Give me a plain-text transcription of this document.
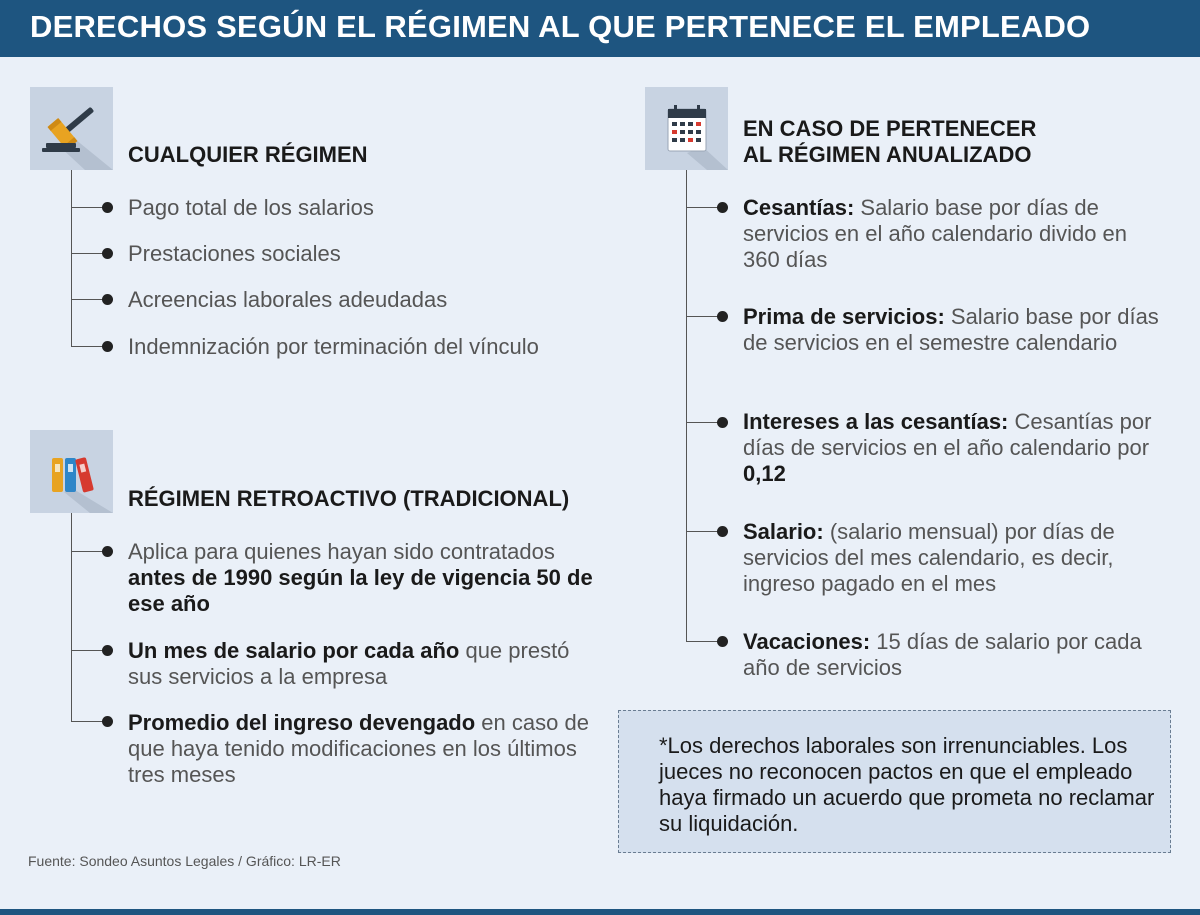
DERECHOS SEGÚN EL RÉGIMEN AL QUE PERTENECE EL EMPLEADO
CUALQUIER RÉGIMEN
Pago total de los salarios
Prestaciones sociales
Acreencias laborales adeudadas
Indemnización por terminación del vínculo
RÉGIMEN RETROACTIVO (TRADICIONAL)
Aplica para quienes hayan sido contratados antes de 1990 según la ley de vigencia 50 de ese año
Un mes de salario por cada año que prestó sus servicios a la empresa
Promedio del ingreso devengado en caso de que haya tenido modificaciones en los últimos tres meses
EN CASO DE PERTENECER
AL RÉGIMEN ANUALIZADO
Cesantías: Salario base por días de servicios en el año calendario divido en 360 días
Prima de servicios: Salario base por días de servicios en el semestre calendario
Intereses a las cesantías: Cesantías por días de servicios en el año calendario por 0,12
Salario: (salario mensual) por días de servicios del mes calendario, es decir, ingreso pagado en el mes
Vacaciones: 15 días de salario por cada año de servicios
*Los derechos laborales son irrenunciables. Los jueces no reconocen pactos en que el empleado haya firmado un acuerdo que prometa no reclamar su liquidación.
Fuente: Sondeo Asuntos Legales / Gráfico: LR-ER
